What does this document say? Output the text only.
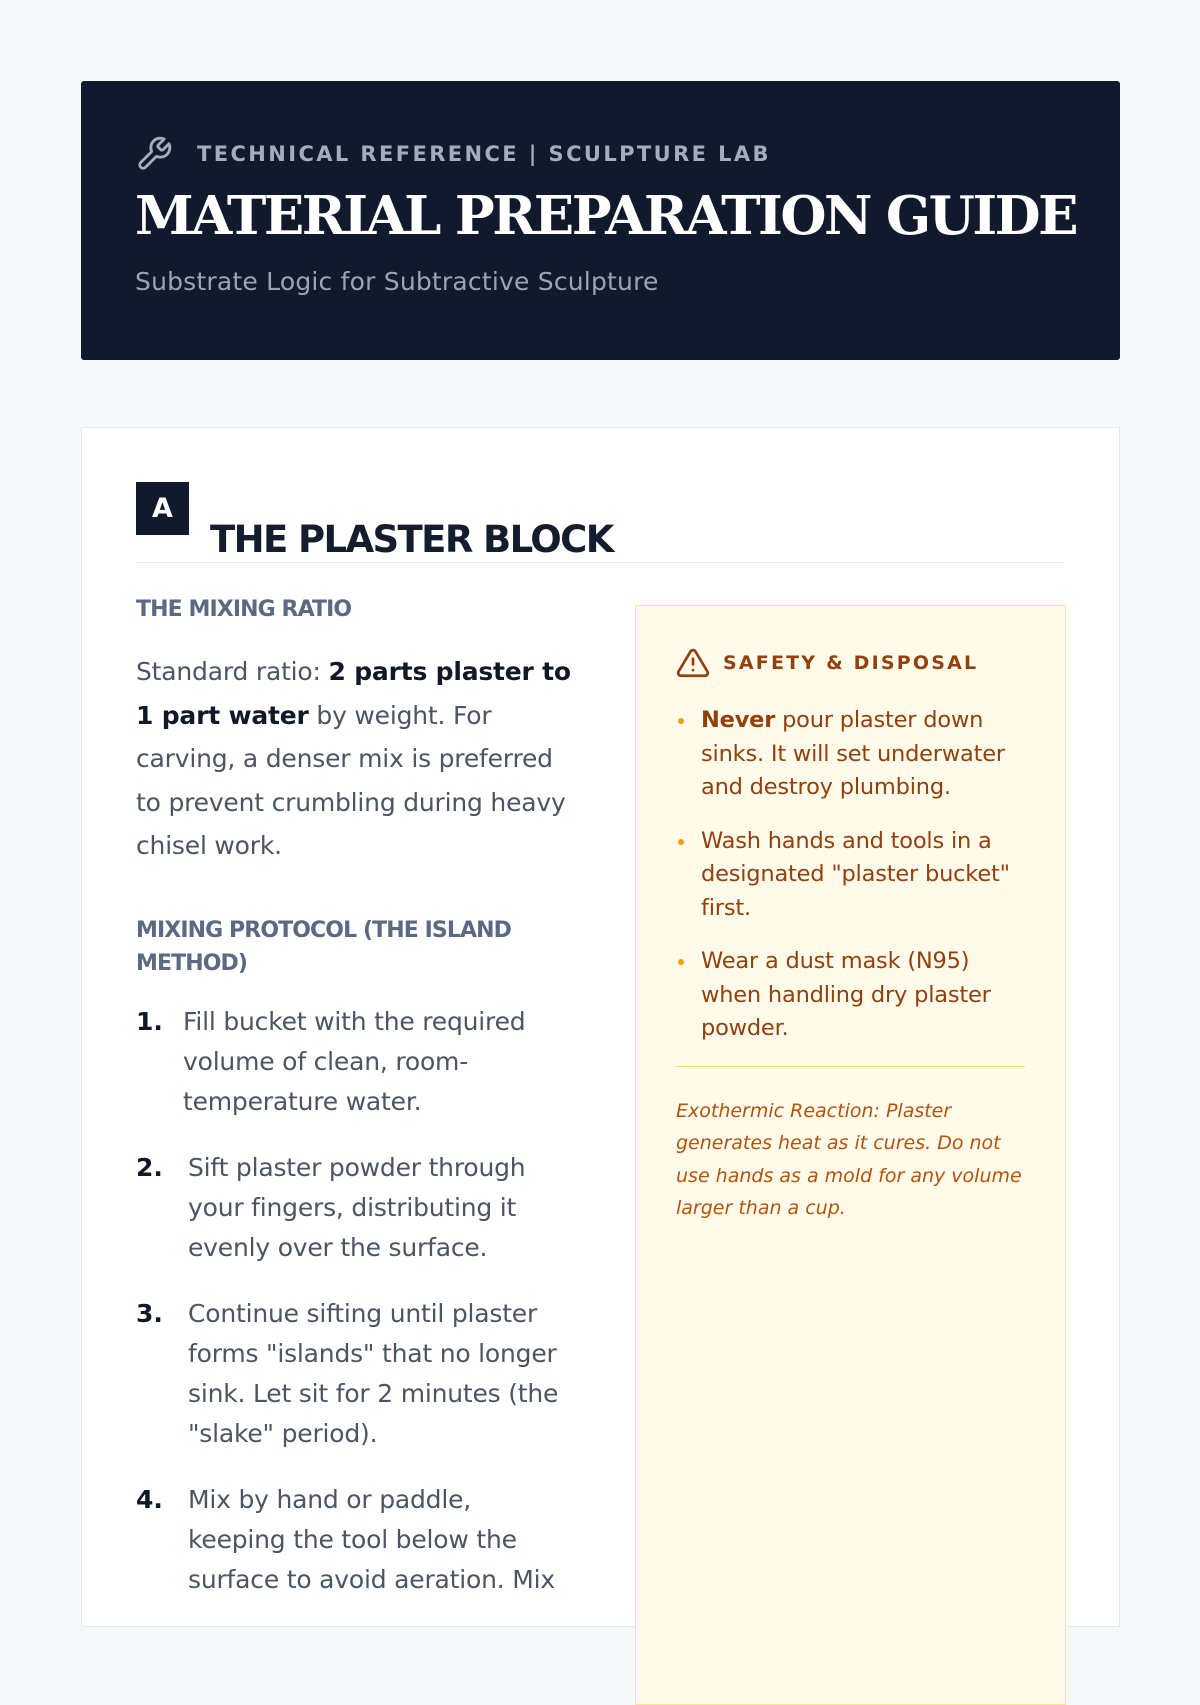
TECHNICAL REFERENCE | SCULPTURE LAB
MATERIAL PREPARATION GUIDE
Substrate Logic for Subtractive Sculpture
A
THE PLASTER BLOCK
THE MIXING RATIO

Standard ratio: 2 parts plaster to 1 part water by weight. For carving, a denser mix is preferred to prevent crumbling during heavy chisel work.

MIXING PROTOCOL (THE ISLAND METHOD)
1. Fill bucket with the required volume of clean, room-temperature water.
2.	Sift plaster powder through your fingers, distributing it evenly over the surface.
3.	Continue sifting until plaster forms "islands" that no longer sink. Let sit for 2 minutes (the "slake" period).
4.	Mix by hand or paddle, keeping the tool below the surface to avoid aeration. Mix
SAFETY & DISPOSAL
Never pour plaster down sinks. It will set underwater and destroy plumbing.
Wash hands and tools in a designated "plaster bucket" first.
Wear a dust mask (N95) when handling dry plaster powder.

Exothermic Reaction: Plaster generates heat as it cures. Do not use hands as a mold for any volume larger than a cup.
